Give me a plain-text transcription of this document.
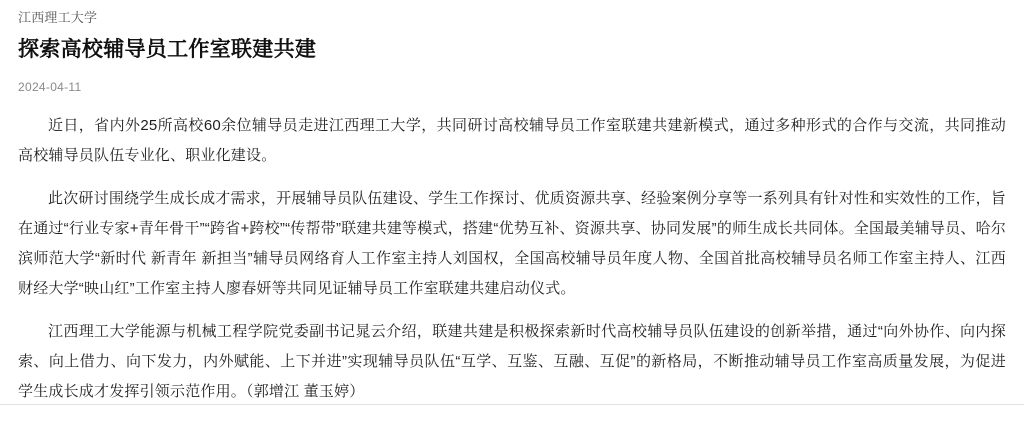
江西理工大学
探索高校辅导员工作室联建共建
2024-04-11

近日，省内外25所高校60余位辅导员走进江西理工大学，共同研讨高校辅导员工作室联建共建新模式，通过多种形式的合作与交流，共同推动高校辅导员队伍专业化、职业化建设。

此次研讨围绕学生成长成才需求，开展辅导员队伍建设、学生工作探讨、优质资源共享、经验案例分享等一系列具有针对性和实效性的工作，旨在通过“行业专家+青年骨干”“跨省+跨校”“传帮带”联建共建等模式，搭建“优势互补、资源共享、协同发展”的师生成长共同体。全国最美辅导员、哈尔滨师范大学“新时代 新青年 新担当”辅导员网络育人工作室主持人刘国权，全国高校辅导员年度人物、全国首批高校辅导员名师工作室主持人、江西财经大学“映山红”工作室主持人廖春妍等共同见证辅导员工作室联建共建启动仪式。

江西理工大学能源与机械工程学院党委副书记晁云介绍，联建共建是积极探索新时代高校辅导员队伍建设的创新举措，通过“向外协作、向内探索、向上借力、向下发力，内外赋能、上下并进”实现辅导员队伍“互学、互鉴、互融、互促”的新格局，不断推动辅导员工作室高质量发展，为促进学生成长成才发挥引领示范作用。（郭增江 董玉婷）
